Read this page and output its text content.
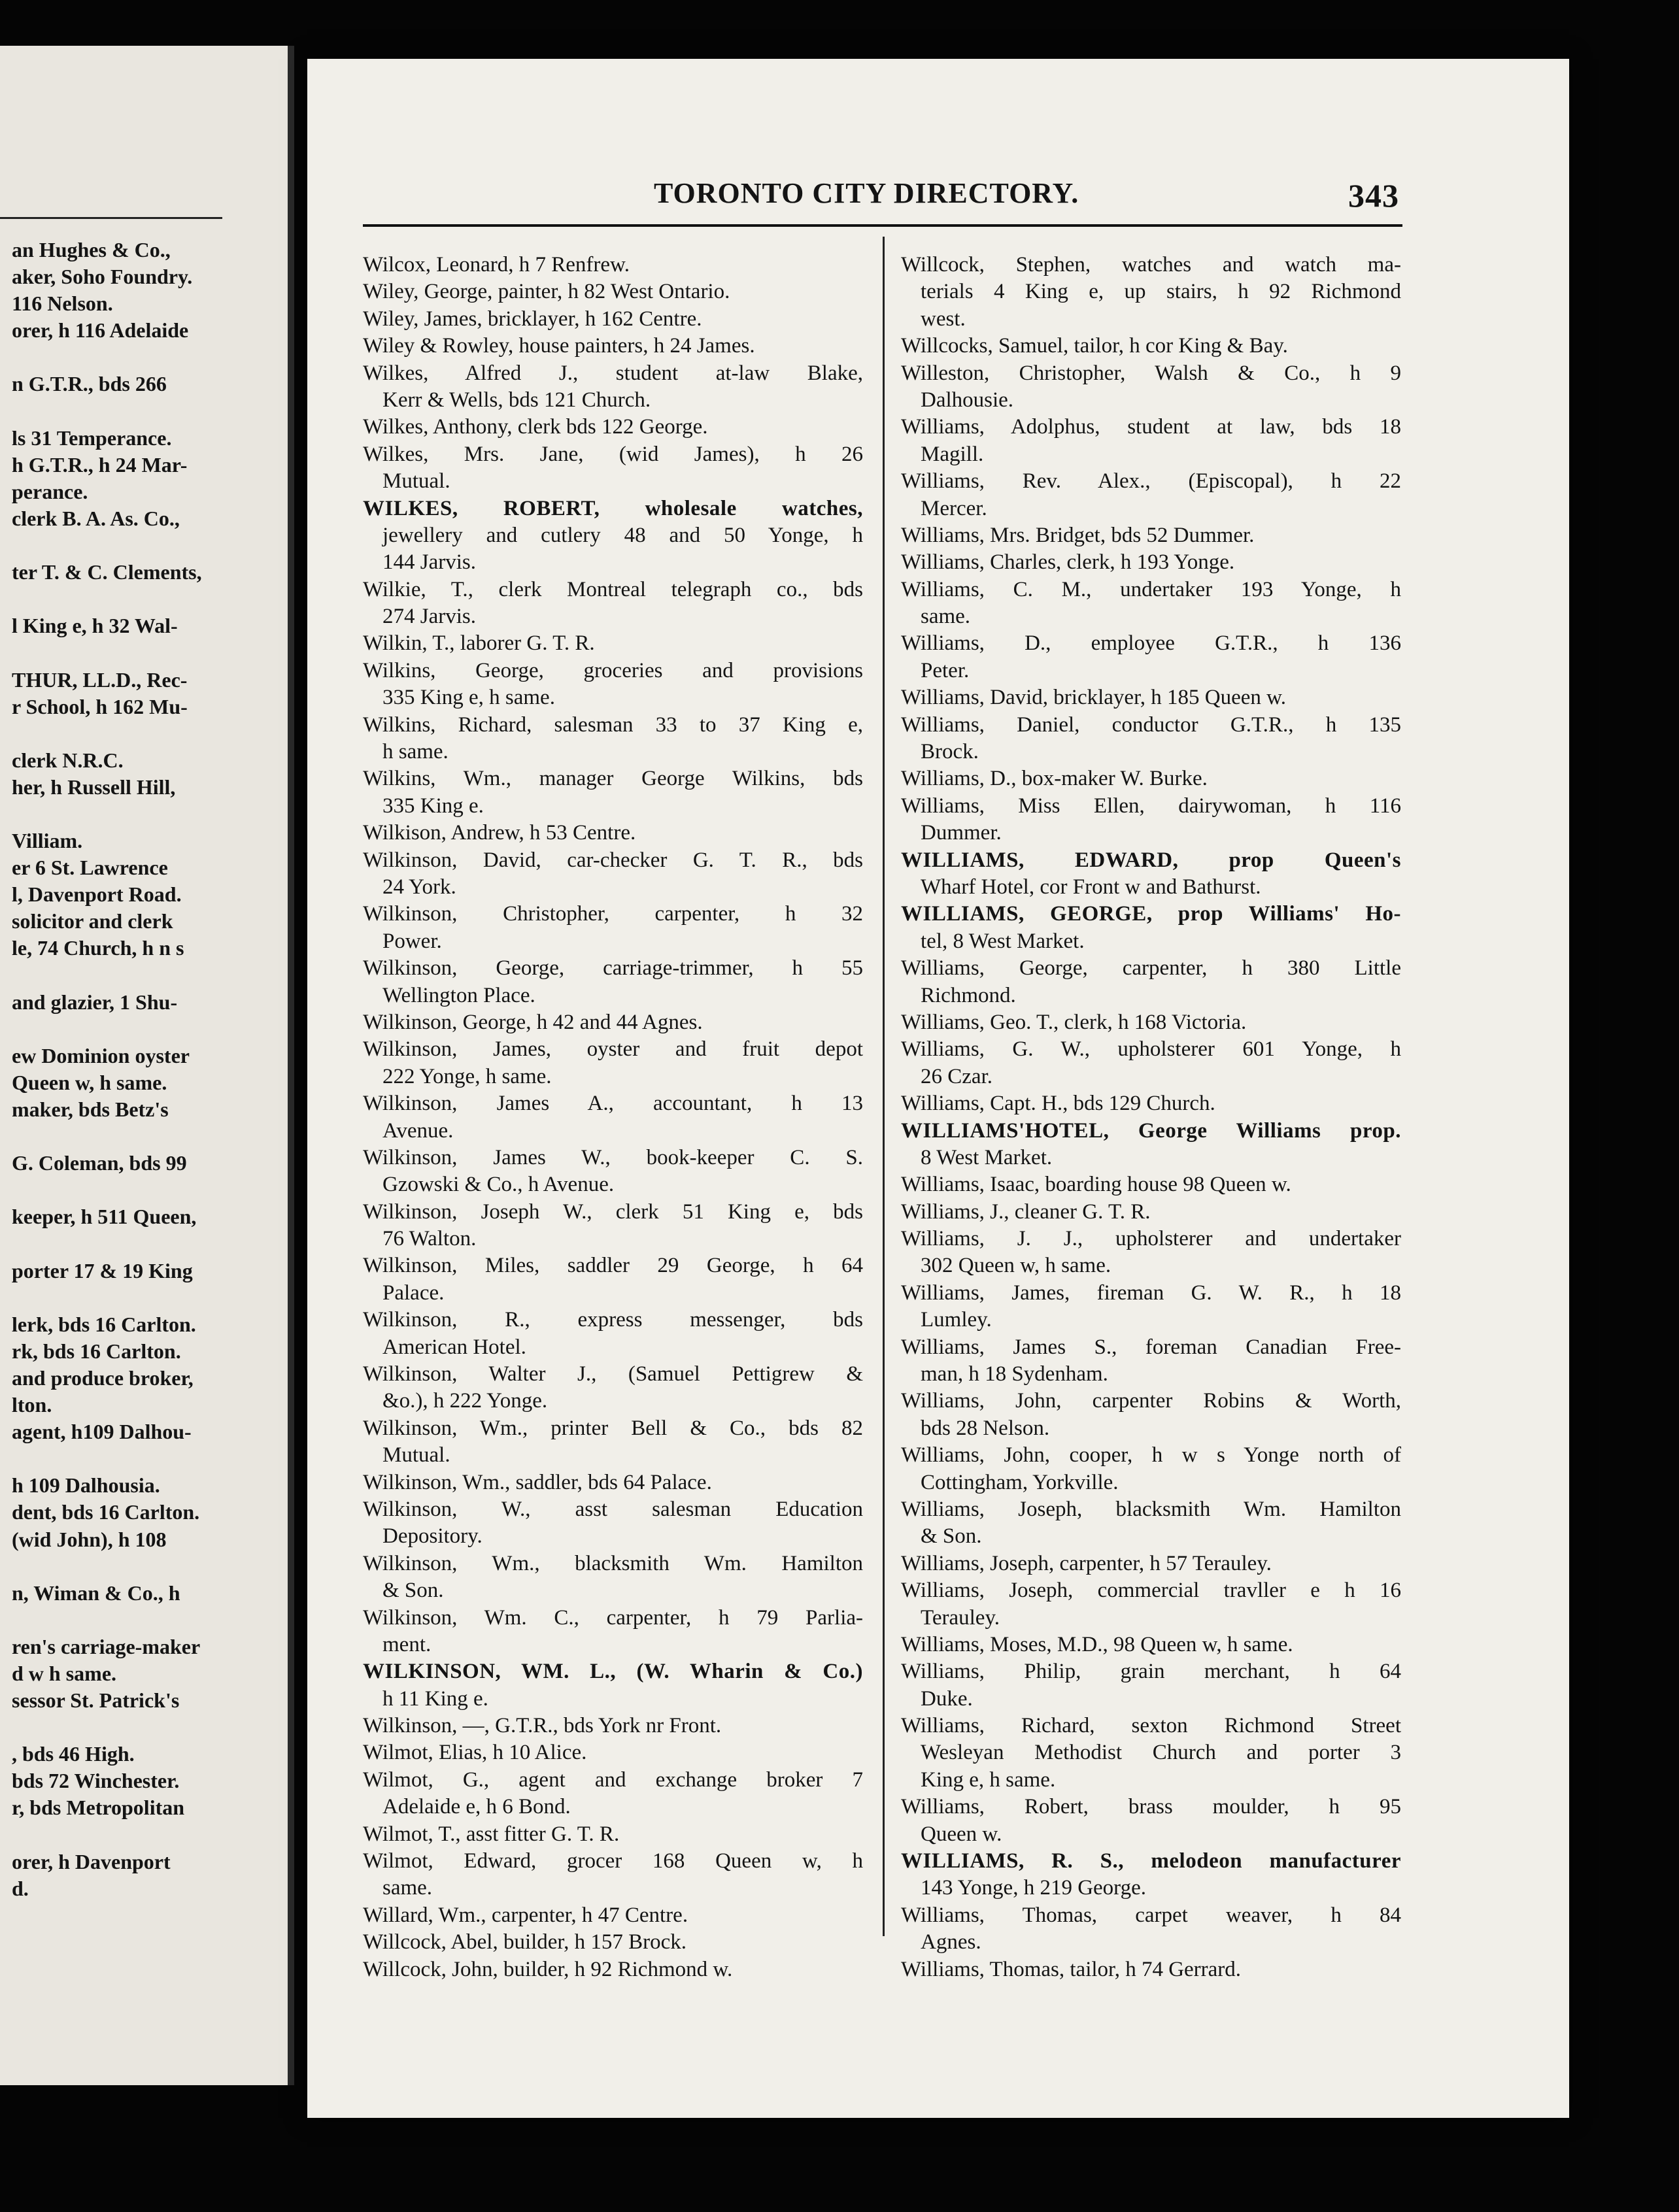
an Hughes & Co.,
aker, Soho Foundry.
116 Nelson.
orer, h 116 Adelaide
n G.T.R., bds 266
ls 31 Temperance.
h G.T.R., h 24 Mar-
perance.
clerk B. A. As. Co.,
ter T. & C. Clements,
l King e, h 32 Wal-
THUR, LL.D., Rec-
r School, h 162 Mu-
clerk N.R.C.
her, h Russell Hill,
Villiam.
er 6 St. Lawrence
l, Davenport Road.
solicitor and clerk
le, 74 Church, h n s
and glazier, 1 Shu-
ew Dominion oyster
Queen w, h same.
maker, bds Betz's
G. Coleman, bds 99
keeper, h 511 Queen,
porter 17 & 19 King
lerk, bds 16 Carlton.
rk, bds 16 Carlton.
and produce broker,
lton.
agent, h109 Dalhou-
h 109 Dalhousia.
dent, bds 16 Carlton.
(wid John), h 108
n, Wiman & Co., h
ren's carriage-maker
d w h same.
sessor St. Patrick's
, bds 46 High.
bds 72 Winchester.
r, bds Metropolitan
orer, h Davenport
d.
TORONTO CITY DIRECTORY.	343
Wilcox, Leonard, h 7 Renfrew.
Wiley, George, painter, h 82 West Ontario.
Wiley, James, bricklayer, h 162 Centre.
Wiley & Rowley, house painters, h 24 James.
Wilkes, Alfred J., student at-law Blake,
Kerr & Wells, bds 121 Church.
Wilkes, Anthony, clerk bds 122 George.
Wilkes, Mrs. Jane, (wid James), h 26
Mutual.
WILKES, ROBERT, wholesale watches,
jewellery and cutlery 48 and 50 Yonge, h
144 Jarvis.
Wilkie, T., clerk Montreal telegraph co., bds
274 Jarvis.
Wilkin, T., laborer G. T. R.
Wilkins, George, groceries and provisions
335 King e, h same.
Wilkins, Richard, salesman 33 to 37 King e,
h same.
Wilkins, Wm., manager George Wilkins, bds
335 King e.
Wilkison, Andrew, h 53 Centre.
Wilkinson, David, car-checker G. T. R., bds
24 York.
Wilkinson, Christopher, carpenter, h 32
Power.
Wilkinson, George, carriage-trimmer, h 55
Wellington Place.
Wilkinson, George, h 42 and 44 Agnes.
Wilkinson, James, oyster and fruit depot
222 Yonge, h same.
Wilkinson, James A., accountant, h 13
Avenue.
Wilkinson, James W., book-keeper C. S.
Gzowski & Co., h Avenue.
Wilkinson, Joseph W., clerk 51 King e, bds
76 Walton.
Wilkinson, Miles, saddler 29 George, h 64
Palace.
Wilkinson, R., express messenger, bds
American Hotel.
Wilkinson, Walter J., (Samuel Pettigrew &
&o.), h 222 Yonge.
Wilkinson, Wm., printer Bell & Co., bds 82
Mutual.
Wilkinson, Wm., saddler, bds 64 Palace.
Wilkinson, W., asst salesman Education
Depository.
Wilkinson, Wm., blacksmith Wm. Hamilton
& Son.
Wilkinson, Wm. C., carpenter, h 79 Parlia-
ment.
WILKINSON, WM. L., (W. Wharin & Co.)
h 11 King e.
Wilkinson, —, G.T.R., bds York nr Front.
Wilmot, Elias, h 10 Alice.
Wilmot, G., agent and exchange broker 7
Adelaide e, h 6 Bond.
Wilmot, T., asst fitter G. T. R.
Wilmot, Edward, grocer 168 Queen w, h
same.
Willard, Wm., carpenter, h 47 Centre.
Willcock, Abel, builder, h 157 Brock.
Willcock, John, builder, h 92 Richmond w.
Willcock, Stephen, watches and watch ma-
terials 4 King e, up stairs, h 92 Richmond
west.
Willcocks, Samuel, tailor, h cor King & Bay.
Willeston, Christopher, Walsh & Co., h 9
Dalhousie.
Williams, Adolphus, student at law, bds 18
Magill.
Williams, Rev. Alex., (Episcopal), h 22
Mercer.
Williams, Mrs. Bridget, bds 52 Dummer.
Williams, Charles, clerk, h 193 Yonge.
Williams, C. M., undertaker 193 Yonge, h
same.
Williams, D., employee G.T.R., h 136
Peter.
Williams, David, bricklayer, h 185 Queen w.
Williams, Daniel, conductor G.T.R., h 135
Brock.
Williams, D., box-maker W. Burke.
Williams, Miss Ellen, dairywoman, h 116
Dummer.
WILLIAMS, EDWARD, prop Queen's
Wharf Hotel, cor Front w and Bathurst.
WILLIAMS, GEORGE, prop Williams' Ho-
tel, 8 West Market.
Williams, George, carpenter, h 380 Little
Richmond.
Williams, Geo. T., clerk, h 168 Victoria.
Williams, G. W., upholsterer 601 Yonge, h
26 Czar.
Williams, Capt. H., bds 129 Church.
WILLIAMS'HOTEL, George Williams prop.
8 West Market.
Williams, Isaac, boarding house 98 Queen w.
Williams, J., cleaner G. T. R.
Williams, J. J., upholsterer and undertaker
302 Queen w, h same.
Williams, James, fireman G. W. R., h 18
Lumley.
Williams, James S., foreman Canadian Free-
man, h 18 Sydenham.
Williams, John, carpenter Robins & Worth,
bds 28 Nelson.
Williams, John, cooper, h w s Yonge north of
Cottingham, Yorkville.
Williams, Joseph, blacksmith Wm. Hamilton
& Son.
Williams, Joseph, carpenter, h 57 Terauley.
Williams, Joseph, commercial travller e h 16
Terauley.
Williams, Moses, M.D., 98 Queen w, h same.
Williams, Philip, grain merchant, h 64
Duke.
Williams, Richard, sexton Richmond Street
Wesleyan Methodist Church and porter 3
King e, h same.
Williams, Robert, brass moulder, h 95
Queen w.
WILLIAMS, R. S., melodeon manufacturer
143 Yonge, h 219 George.
Williams, Thomas, carpet weaver, h 84
Agnes.
Williams, Thomas, tailor, h 74 Gerrard.
